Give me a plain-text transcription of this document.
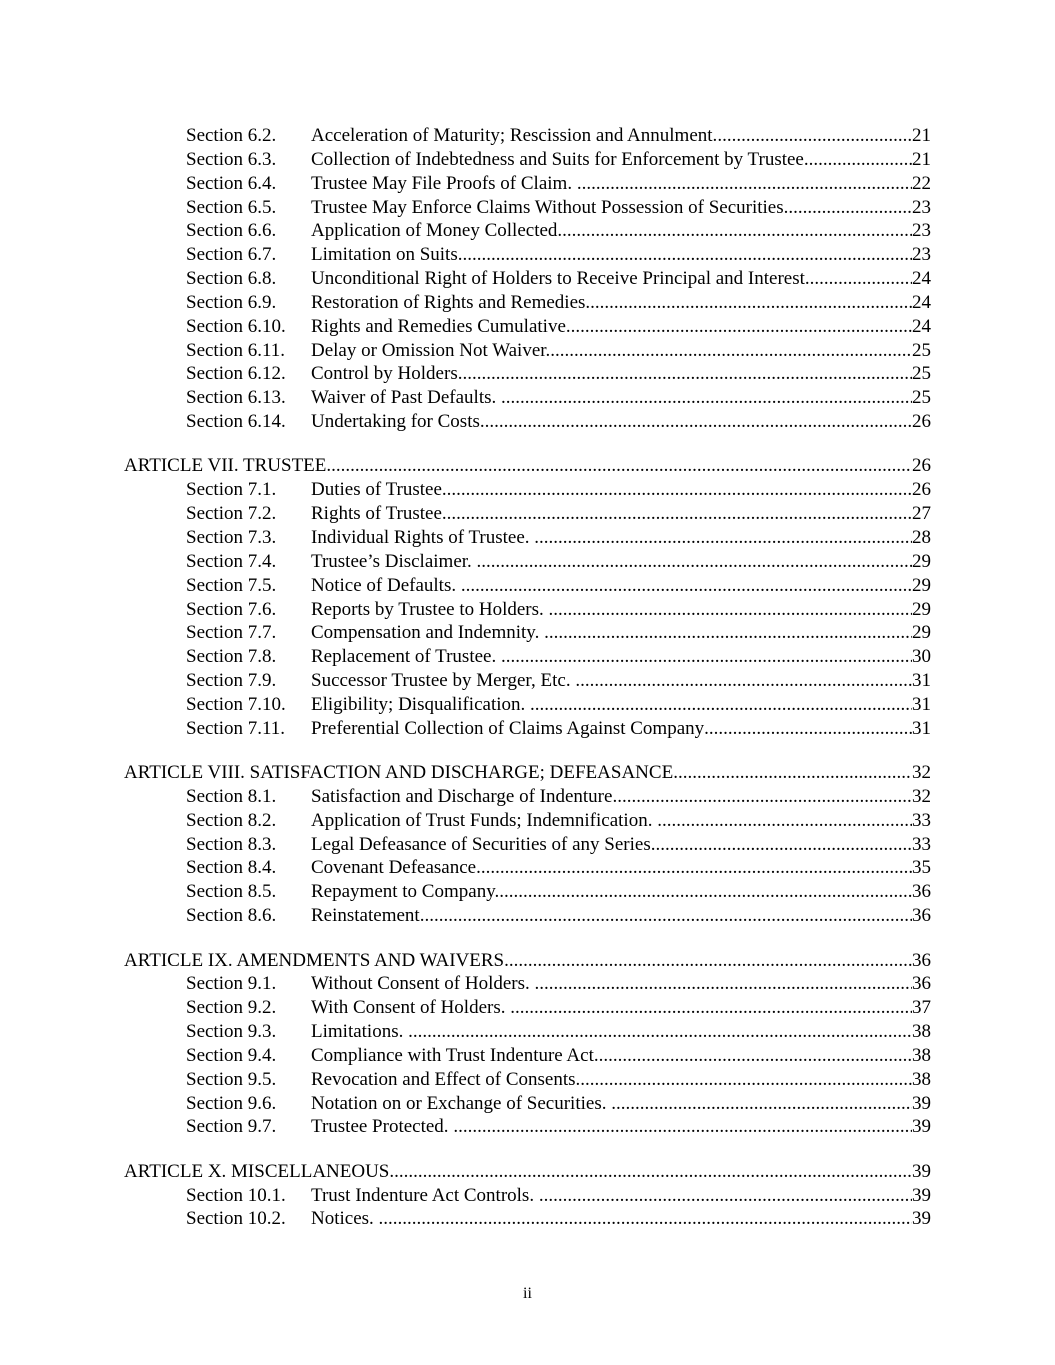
Section 6.2. Acceleration of Maturity; Rescission and Annulment. .....	21
Section 6.3. Collection of Indebtedness and Suits for Enforcement by Trustee. .....	21
Section 6.4. Trustee May File Proofs of Claim. .....	22
Section 6.5. Trustee May Enforce Claims Without Possession of Securities. .....	23
Section 6.6. Application of Money Collected. .....	23
Section 6.7. Limitation on Suits. .....	23
Section 6.8. Unconditional Right of Holders to Receive Principal and Interest. .....	24
Section 6.9. Restoration of Rights and Remedies. .....	24
Section 6.10. Rights and Remedies Cumulative. .....	24
Section 6.11. Delay or Omission Not Waiver. .....	25
Section 6.12. Control by Holders. .....	25
Section 6.13. Waiver of Past Defaults. .....	25
Section 6.14. Undertaking for Costs. .....	26
ARTICLE VII. TRUSTEE .....	26
Section 7.1. Duties of Trustee. .....	26
Section 7.2. Rights of Trustee. .....	27
Section 7.3. Individual Rights of Trustee. .....	28
Section 7.4. Trustee’s Disclaimer. .....	29
Section 7.5. Notice of Defaults. .....	29
Section 7.6. Reports by Trustee to Holders. .....	29
Section 7.7. Compensation and Indemnity. .....	29
Section 7.8. Replacement of Trustee. .....	30
Section 7.9. Successor Trustee by Merger, Etc. .....	31
Section 7.10. Eligibility; Disqualification. .....	31
Section 7.11. Preferential Collection of Claims Against Company .....	31
ARTICLE VIII. SATISFACTION AND DISCHARGE; DEFEASANCE .....	32
Section 8.1. Satisfaction and Discharge of Indenture. .....	32
Section 8.2. Application of Trust Funds; Indemnification. .....	33
Section 8.3. Legal Defeasance of Securities of any Series. .....	33
Section 8.4. Covenant Defeasance. .....	35
Section 8.5. Repayment to Company. .....	36
Section 8.6. Reinstatement. .....	36
ARTICLE IX. AMENDMENTS AND WAIVERS .....	36
Section 9.1. Without Consent of Holders. .....	36
Section 9.2. With Consent of Holders. .....	37
Section 9.3. Limitations. .....	38
Section 9.4. Compliance with Trust Indenture Act. .....	38
Section 9.5. Revocation and Effect of Consents. .....	38
Section 9.6. Notation on or Exchange of Securities. .....	39
Section 9.7. Trustee Protected. .....	39
ARTICLE X. MISCELLANEOUS .....	39
Section 10.1. Trust Indenture Act Controls. .....	39
Section 10.2. Notices. .....	39
ii
